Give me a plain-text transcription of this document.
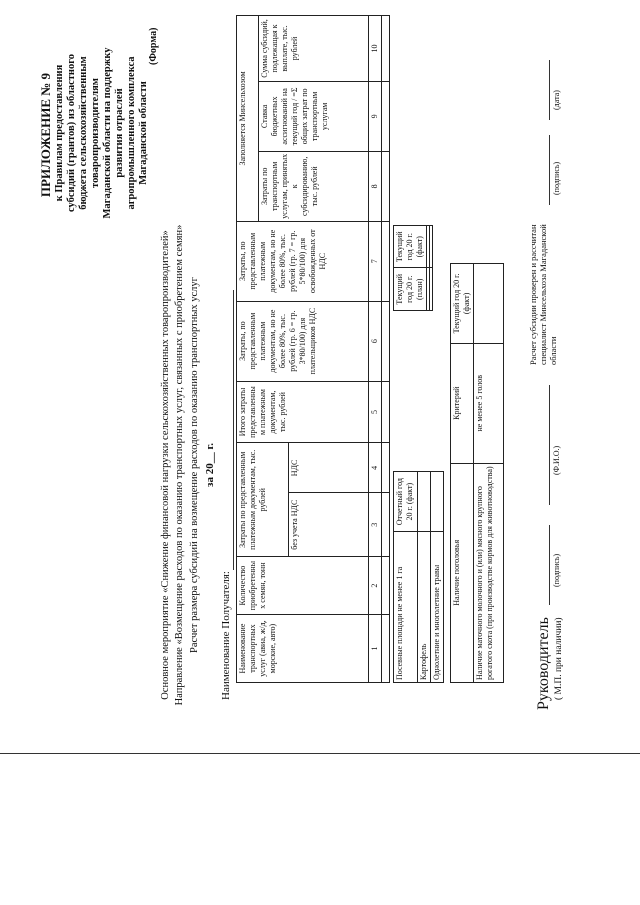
ПРИЛОЖЕНИЕ № 9 к Правилам предоставления субсидий (грантов) из областного бюджета сельскохозяйственным товаропроизводителям Магаданской области на поддержку развития отраслей агропромышленного комплекса Магаданской области
(Форма)
Основное мероприятие «Снижение финансовой нагрузки сельскохозяйственных товаропроизводителей» Направление «Возмещение расходов по оказанию транспортных услуг, связанных с приобретением семян» Расчет размера субсидий на возмещение расходов по оказанию транспортных услуг за 20__ г.
Наименование Получателя: Наименование транспортных услуг (авиа, ж/д, морские, авто)	Количество приобретенны х семян, тонн	Затраты по представленным платежным документам, тыс. рублей		Итого затраты представленны м платежным документам, тыс. рублей	Затраты, по представленным платежным документам, но не более 80%, тыс. рублей (гр. 6 = гр. 3*80/100) для плательщиков НДС	Затраты, по представленным платежным документам, но не более 80%, тыс. рублей (гр. 7 = гр. 5*80/100) для освобожденных от НДС	Заполняется Минсельхозом		
							Затраты по транспортным услугам, принятых к субсидированию, тыс. рублей	Ставка бюджетных ассигнований на текущий год / =Σ общих затрат по транспортным услугам	Сумма субсидий, подлежащая к выплате, тыс. рублей
		без учета НДС	НДС						
1	2	3	4	5	6	7	8	9	10

Посевные площади не менее 1 га	Отчетный год 20 г. (факт)
Картофель	
Однолетние и многолетние травы	
Текущий год 20 г. (план)	Текущий год 20 г. (факт)

Наличие поголовья	Критерий	Текущий год 20 г. (факт)
Наличие маточного молочного и (или) мясного крупного рогатого скота (при производстве кормов для животноводства)	не менее 5 голов	
Руководитель ( М.П. при наличии)
(подпись)
(Ф.И.О.)
Расчет субсидии проверен и рассчитан специалист Минсельхоза Магаданской области
(подпись)
(дата)
